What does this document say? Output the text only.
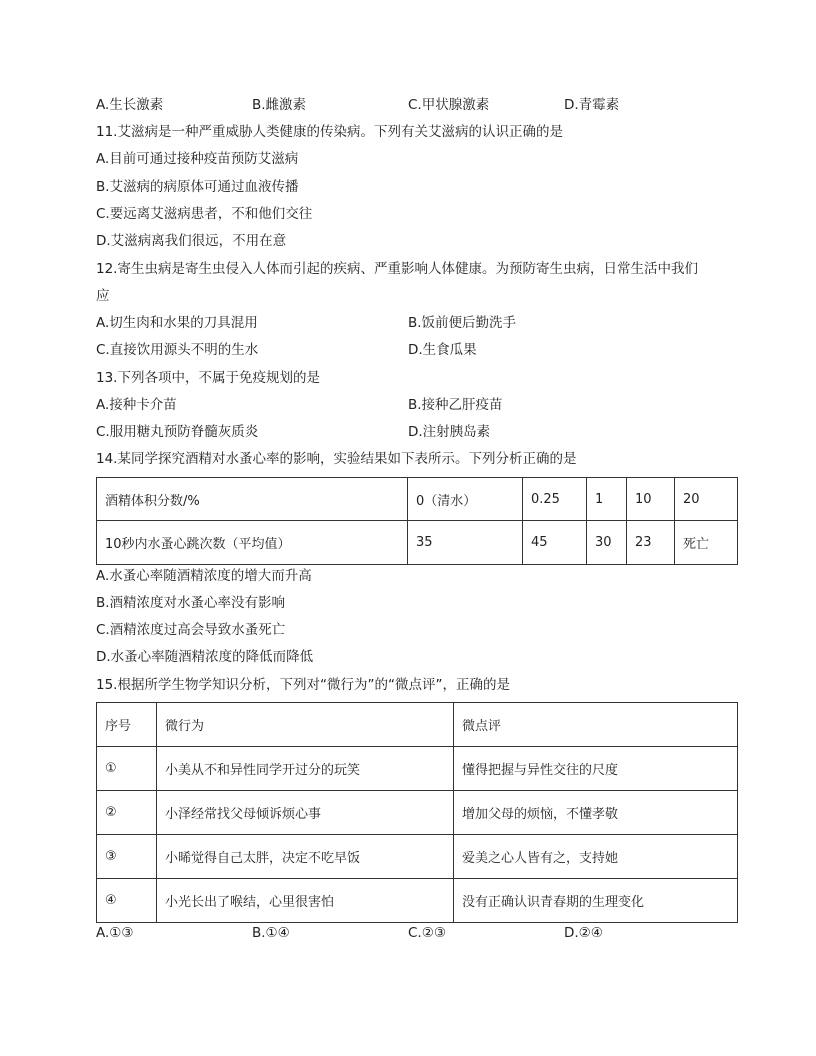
A.生长激素	B.雌激素	C.甲状腺激素	D.青霉素
11.艾滋病是一种严重威胁人类健康的传染病。下列有关艾滋病的认识正确的是
A.目前可通过接种疫苗预防艾滋病
B.艾滋病的病原体可通过血液传播
C.要远离艾滋病患者，不和他们交往
D.艾滋病离我们很远，不用在意
12.寄生虫病是寄生虫侵入人体而引起的疾病、严重影响人体健康。为预防寄生虫病，日常生活中我们
应
A.切生肉和水果的刀具混用	B.饭前便后勤洗手
C.直接饮用源头不明的生水	D.生食瓜果
13.下列各项中，不属于免疫规划的是
A.接种卡介苗	B.接种乙肝疫苗
C.服用糖丸预防脊髓灰质炎	D.注射胰岛素
14.某同学探究酒精对水蚤心率的影响，实验结果如下表所示。下列分析正确的是
酒精体积分数/%	0（清水）	0.25	1	10	20
10秒内水蚤心跳次数（平均值）	35	45	30	23	死亡
A.水蚤心率随酒精浓度的增大而升高
B.酒精浓度对水蚤心率没有影响
C.酒精浓度过高会导致水蚤死亡
D.水蚤心率随酒精浓度的降低而降低
15.根据所学生物学知识分析，下列对“微行为”的“微点评”，正确的是
序号	微行为	微点评
①	小美从不和异性同学开过分的玩笑	懂得把握与异性交往的尺度
②	小泽经常找父母倾诉烦心事	增加父母的烦恼，不懂孝敬
③	小晞觉得自己太胖，决定不吃早饭	爱美之心人皆有之，支持她
④	小光长出了喉结，心里很害怕	没有正确认识青春期的生理变化
A.①③	B.①④	C.②③	D.②④
